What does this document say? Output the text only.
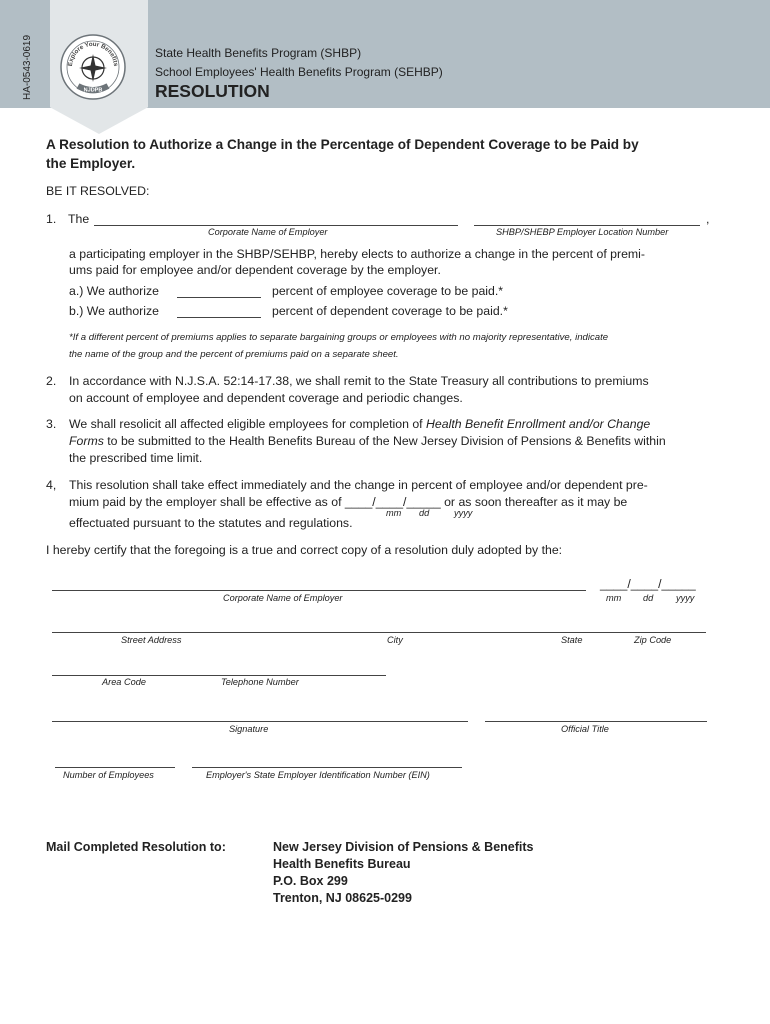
HA-0543-0619	Explore Your Benefits
NJDPB
State Health Benefits Program (SHBP)
School Employees' Health Benefits Program (SEHBP)
RESOLUTION
A Resolution to Authorize a Change in the Percentage of Dependent Coverage to be Paid by
the Employer.
BE IT RESOLVED:
1. The	,
Corporate Name of Employer	SHBP/SHEBP Employer Location Number
a participating employer in the SHBP/SEHBP, hereby elects to authorize a change in the percent of premi-
ums paid for employee and/or dependent coverage by the employer.
a.) We authorize	percent of employee coverage to be paid.*
b.) We authorize	percent of dependent coverage to be paid.*
*If a different percent of premiums applies to separate bargaining groups or employees with no majority representative, indicate
the name of the group and the percent of premiums paid on a separate sheet.
2. In accordance with N.J.S.A. 52:14-17.38, we shall remit to the State Treasury all contributions to premiums
on account of employee and dependent coverage and periodic changes.
3. We shall resolicit all affected eligible employees for completion of Health Benefit Enrollment and/or Change
Forms to be submitted to the Health Benefits Bureau of the New Jersey Division of Pensions & Benefits within
the prescribed time limit.
4, This resolution shall take effect immediately and the change in percent of employee and/or dependent pre-
mium paid by the employer shall be effective as of ____/____/_____ or as soon thereafter as it may be
mm dd	yyyy
effectuated pursuant to the statutes and regulations.
I hereby certify that the foregoing is a true and correct copy of a resolution duly adopted by the:
____/____/_____
Corporate Name of Employer	mm dd yyyy
Street Address	City	State	Zip Code
Area Code	Telephone Number
Signature	Official Title
Number of Employees	Employer's State Employer Identification Number (EIN)
Mail Completed Resolution to:	New Jersey Division of Pensions & Benefits
Health Benefits Bureau
P.O. Box 299
Trenton, NJ 08625-0299
